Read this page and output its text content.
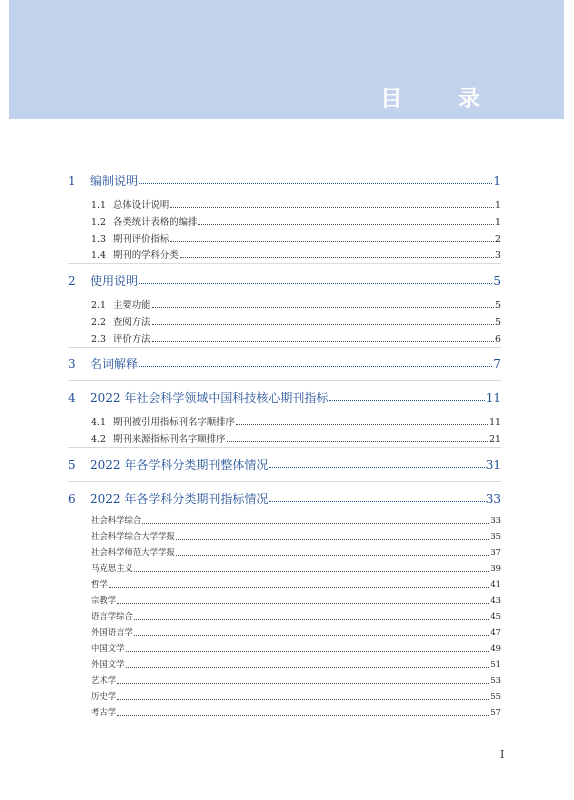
目 录
1	编制说明	1
1.1 总体设计说明	1
1.2 各类统计表格的编排	1
1.3 期刊评价指标	2
1.4 期刊的学科分类	3
2	使用说明	5
2.1 主要功能	5
2.2 查阅方法	5
2.3 评价方法	6
3	名词解释	7
4	2022 年社会科学领域中国科技核心期刊指标	11
4.1 期刊被引用指标刊名字顺排序	11
4.2 期刊来源指标刊名字顺排序	21
5	2022 年各学科分类期刊整体情况	31
6	2022 年各学科分类期刊指标情况	33
社会科学综合	33
社会科学综合大学学报	35
社会科学师范大学学报	37
马克思主义	39
哲学	41
宗教学	43
语言学综合	45
外国语言学	47
中国文学	49
外国文学	51
艺术学	53
历史学	55
考古学	57
I
